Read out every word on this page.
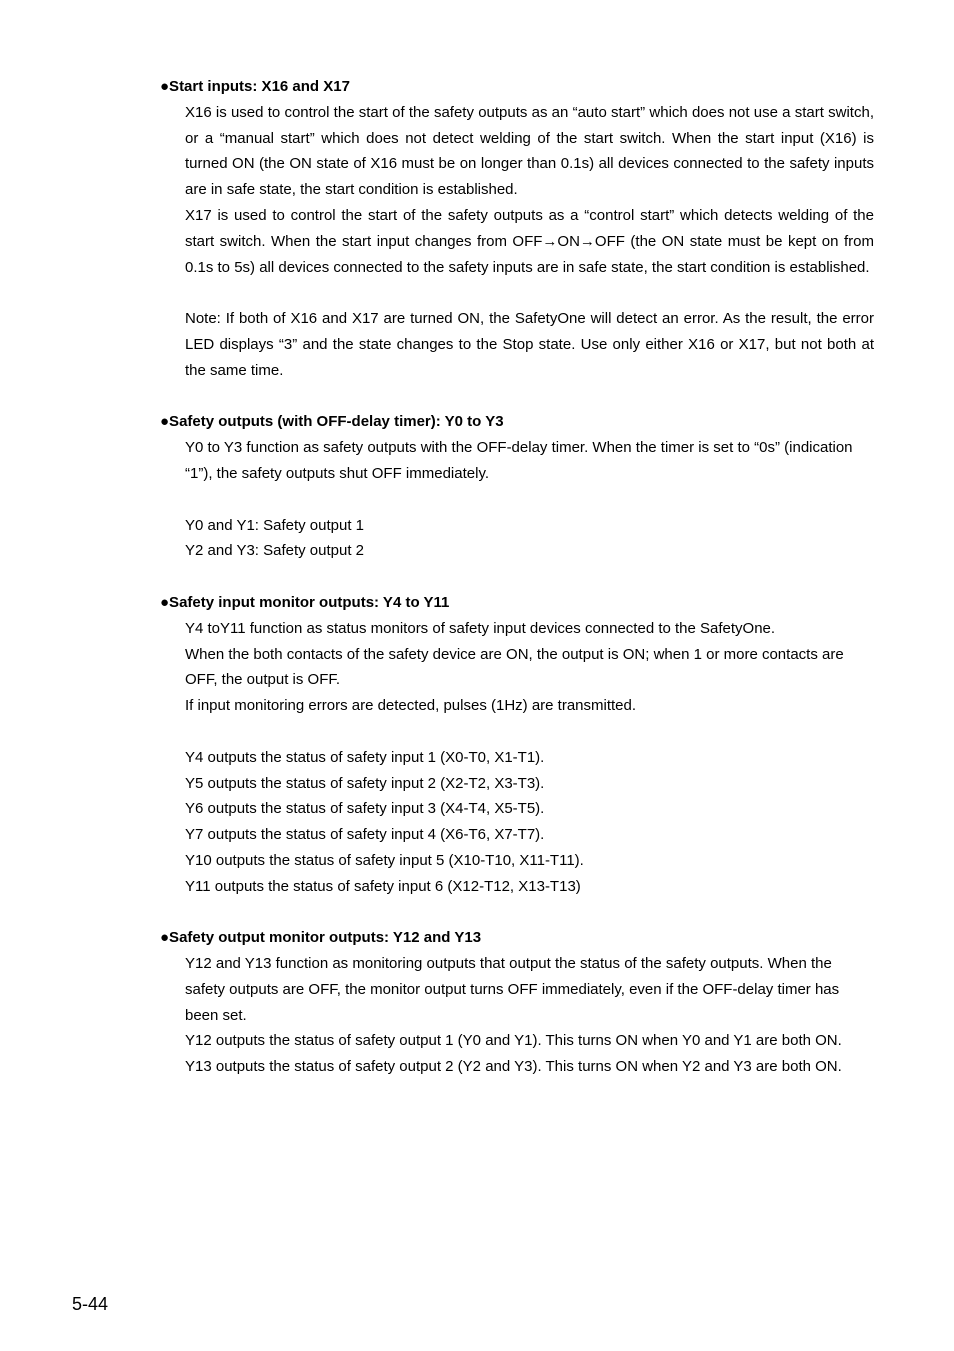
●Start inputs: X16 and X17

X16 is used to control the start of the safety outputs as an “auto start” which does not use a start switch, or a “manual start” which does not detect welding of the start switch. When the start input (X16) is turned ON (the ON state of X16 must be on longer than 0.1s) all devices connected to the safety inputs are in safe state, the start condition is established.

X17 is used to control the start of the safety outputs as a “control start” which detects welding of the start switch. When the start input changes from OFF→ON→OFF (the ON state must be kept on from 0.1s to 5s) all devices connected to the safety inputs are in safe state, the start condition is established.

Note: If both of X16 and X17 are turned ON, the SafetyOne will detect an error. As the result, the error LED displays “3” and the state changes to the Stop state. Use only either X16 or X17, but not both at the same time.

●Safety outputs (with OFF-delay timer): Y0 to Y3

Y0 to Y3 function as safety outputs with the OFF-delay timer. When the timer is set to “0s” (indication “1”), the safety outputs shut OFF immediately.

Y0 and Y1: Safety output 1

Y2 and Y3: Safety output 2

●Safety input monitor outputs: Y4 to Y11

Y4 toY11 function as status monitors of safety input devices connected to the SafetyOne.

When the both contacts of the safety device are ON, the output is ON; when 1 or more contacts are OFF, the output is OFF.

If input monitoring errors are detected, pulses (1Hz) are transmitted.

Y4 outputs the status of safety input 1 (X0-T0, X1-T1).

Y5 outputs the status of safety input 2 (X2-T2, X3-T3).

Y6 outputs the status of safety input 3 (X4-T4, X5-T5).

Y7 outputs the status of safety input 4 (X6-T6, X7-T7).

Y10 outputs the status of safety input 5 (X10-T10, X11-T11).

Y11 outputs the status of safety input 6 (X12-T12, X13-T13)

●Safety output monitor outputs: Y12 and Y13

Y12 and Y13 function as monitoring outputs that output the status of the safety outputs. When the safety outputs are OFF, the monitor output turns OFF immediately, even if the OFF-delay timer has been set.

Y12 outputs the status of safety output 1 (Y0 and Y1). This turns ON when Y0 and Y1 are both ON.

Y13 outputs the status of safety output 2 (Y2 and Y3). This turns ON when Y2 and Y3 are both ON.

5-44
